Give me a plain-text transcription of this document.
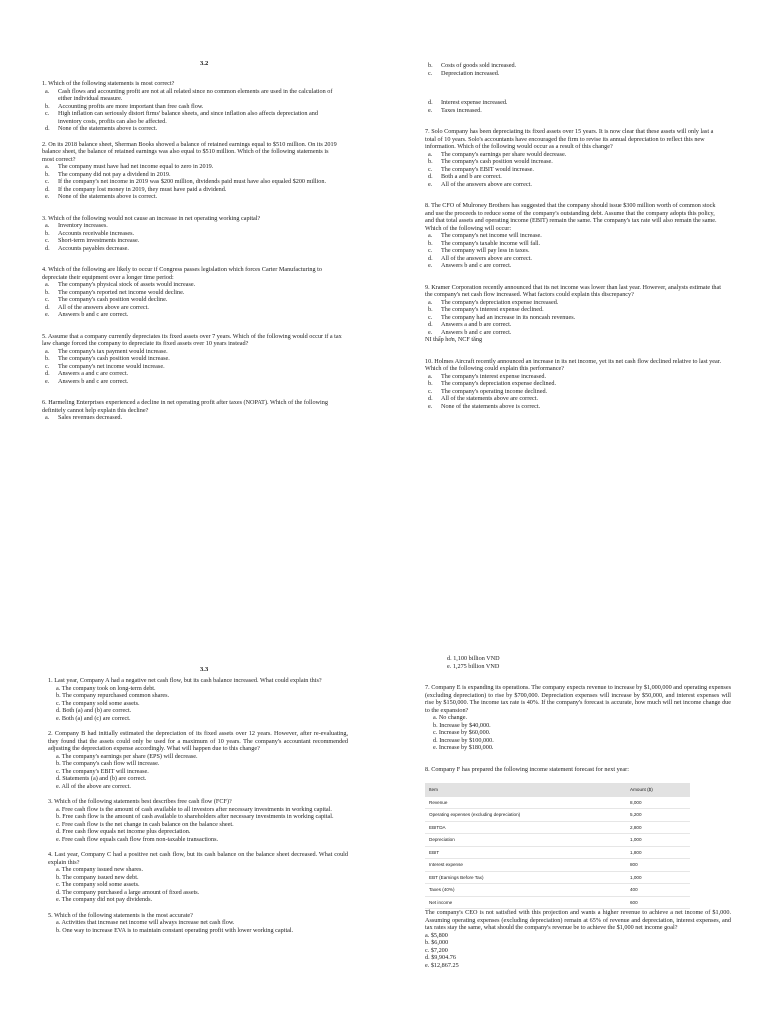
3.2

1. Which of the following statements is most correct?

a.	Cash flows and accounting profit are not at all related since no common elements are used in the calculation of either individual measure.
b.	Accounting profits are more important than free cash flow.
c.	High inflation can seriously distort firms' balance sheets, and since inflation also affects depreciation and inventory costs, profits can also be affected.
d.	None of the statements above is correct.

2. On its 2018 balance sheet, Sherman Books showed a balance of retained earnings equal to $510 million. On its 2019 balance sheet, the balance of retained earnings was also equal to $510 million. Which of the following statements is most correct?

a.	The company must have had net income equal to zero in 2019.
b.	The company did not pay a dividend in 2019.
c.	If the company's net income in 2019 was $200 million, dividends paid must have also equaled $200 million.
d.	If the company lost money in 2019, they must have paid a dividend.
e.	None of the statements above is correct.

3. Which of the following would not cause an increase in net operating working capital?

a.	Inventory increases.
b.	Accounts receivable increases.
c.	Short-term investments increase.
d.	Accounts payables decrease.

4. Which of the following are likely to occur if Congress passes legislation which forces Carter Manufacturing to depreciate their equipment over a longer time period:

a.	The company's physical stock of assets would increase.
b.	The company's reported net income would decline.
c.	The company's cash position would decline.
d.	All of the answers above are correct.
e.	Answers b and c are correct.

5. Assume that a company currently depreciates its fixed assets over 7 years. Which of the following would occur if a tax law change forced the company to depreciate its fixed assets over 10 years instead?

a.	The company's tax payment would increase.
b.	The company's cash position would increase.
c.	The company's net income would increase.
d.	Answers a and c are correct.
e.	Answers b and c are correct.

6. Harmeling Enterprises experienced a decline in net operating profit after taxes (NOPAT). Which of the following definitely cannot help explain this decline?

a.	Sales revenues decreased.
b.	Costs of goods sold increased.
c.	Depreciation increased.
d.	Interest expense increased.
e.	Taxes increased.

7. Solo Company has been depreciating its fixed assets over 15 years. It is now clear that these assets will only last a total of 10 years. Solo's accountants have encouraged the firm to revise its annual depreciation to reflect this new information. Which of the following would occur as a result of this change?

a.	The company's earnings per share would decrease.
b.	The company's cash position would increase.
c.	The company's EBIT would increase.
d.	Both a and b are correct.
e.	All of the answers above are correct.

8. The CFO of Mulroney Brothers has suggested that the company should issue $300 million worth of common stock and use the proceeds to reduce some of the company's outstanding debt. Assume that the company adopts this policy, and that total assets and operating income (EBIT) remain the same. The company's tax rate will also remain the same. Which of the following will occur:

a.	The company's net income will increase.
b.	The company's taxable income will fall.
c.	The company will pay less in taxes.
d.	All of the answers above are correct.
e.	Answers b and c are correct.

9. Kramer Corporation recently announced that its net income was lower than last year. However, analysts estimate that the company's net cash flow increased. What factors could explain this discrepancy?

a.	The company's depreciation expense increased.
b.	The company's interest expense declined.
c.	The company had an increase in its noncash revenues.
d.	Answers a and b are correct.
e.	Answers b and c are correct.

NI thấp hơn, NCF tăng

10. Holmes Aircraft recently announced an increase in its net income, yet its net cash flow declined relative to last year. Which of the following could explain this performance?

a.	The company's interest expense increased.
b.	The company's depreciation expense declined.
c.	The company's operating income declined.
d.	All of the statements above are correct.
e.	None of the statements above is correct.
3.3

1. Last year, Company A had a negative net cash flow, but its cash balance increased. What could explain this?

a. The company took on long-term debt.

b. The company repurchased common shares.

c. The company sold some assets.

d. Both (a) and (b) are correct.

e. Both (a) and (c) are correct.

2. Company B had initially estimated the depreciation of its fixed assets over 12 years. However, after re-evaluating, they found that the assets could only be used for a maximum of 10 years. The company's accountant recommended adjusting the depreciation expense accordingly. What will happen due to this change?

a. The company's earnings per share (EPS) will decrease.

b. The company's cash flow will increase.

c. The company's EBIT will increase.

d. Statements (a) and (b) are correct.

e. All of the above are correct.

3. Which of the following statements best describes free cash flow (FCF)?

a. Free cash flow is the amount of cash available to all investors after necessary investments in working capital.

b. Free cash flow is the amount of cash available to shareholders after necessary investments in working capital.

c. Free cash flow is the net change in cash balance on the balance sheet.

d. Free cash flow equals net income plus depreciation.

e. Free cash flow equals cash flow from non-taxable transactions.

4. Last year, Company C had a positive net cash flow, but its cash balance on the balance sheet decreased. What could explain this?

a. The company issued new shares.

b. The company issued new debt.

c. The company sold some assets.

d. The company purchased a large amount of fixed assets.

e. The company did not pay dividends.

5. Which of the following statements is the most accurate?

a. Activities that increase net income will always increase net cash flow.

b. One way to increase EVA is to maintain constant operating profit with lower working capital.

d. 1,100 billion VND

e. 1,275 billion VND

7. Company E is expanding its operations. The company expects revenue to increase by $1,000,000 and operating expenses (excluding depreciation) to rise by $700,000. Depreciation expenses will increase by $50,000, and interest expenses will rise by $150,000. The income tax rate is 40%. If the company's forecast is accurate, how much will net income change due to the expansion?

a. No change.

b. Increase by $40,000.

c. Increase by $60,000.

d. Increase by $100,000.

e. Increase by $180,000.

8. Company F has prepared the following income statement forecast for next year:

Item	Amount ($)
Revenue	8,000
Operating expenses (excluding depreciation)	5,200
EBITDA	2,800
Depreciation	1,000
EBIT	1,800
Interest expense	800
EBT (Earnings Before Tax)	1,000
Taxes (40%)	400
Net income	600

The company's CEO is not satisfied with this projection and wants a higher revenue to achieve a net income of $1,000. Assuming operating expenses (excluding depreciation) remain at 65% of revenue and depreciation, interest expenses, and tax rates stay the same, what should the company's revenue be to achieve the $1,000 net income goal?

a. $5,800

b. $6,000

c. $7,200

d. $9,904.76

e. $12,867.25
